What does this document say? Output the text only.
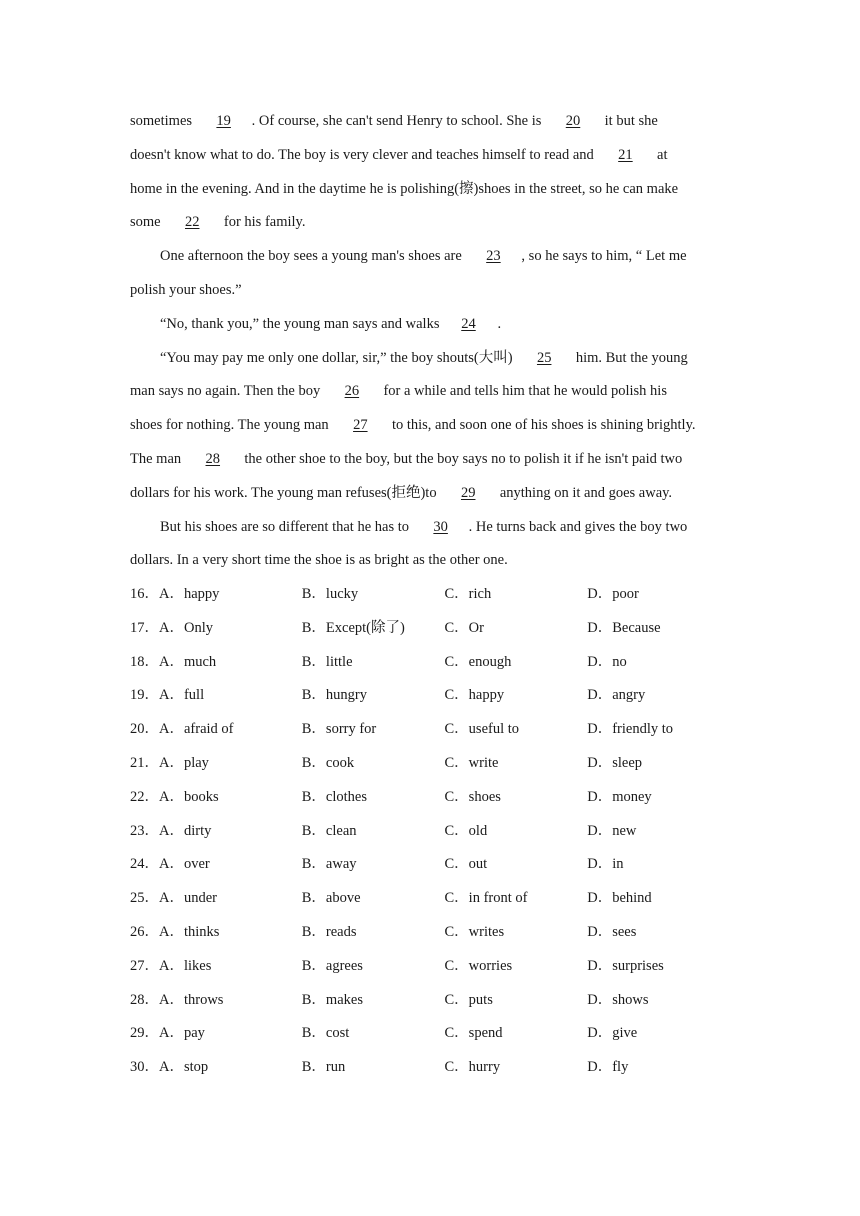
sometimes 19 . Of course, she can't send Henry to school. She is 20 it but she
doesn't know what to do. The boy is very clever and teaches himself to read and 21 at
home in the evening. And in the daytime he is polishing(擦)shoes in the street, so he can make
some 22 for his family.
One afternoon the boy sees a young man's shoes are 23 , so he says to him, “ Let me
polish your shoes.”
“No, thank you,” the young man says and walks 24 .
“You may pay me only one dollar, sir,” the boy shouts(大叫) 25 him. But the young
man says no again. Then the boy 26 for a while and tells him that he would polish his
shoes for nothing. The young man 27 to this, and soon one of his shoes is shining brightly.
The man 28 the other shoe to the boy, but the boy says no to polish it if he isn't paid two
dollars for his work. The young man refuses(拒绝)to 29 anything on it and goes away.
But his shoes are so different that he has to 30 . He turns back and gives the boy two
dollars. In a very short time the shoe is as bright as the other one.
16． A．happy	B．lucky	C．rich	D．poor
17． A．Only	B．Except(除了)	C．Or	D．Because
18． A．much	B．little	C．enough	D．no
19． A．full	B．hungry	C．happy	D．angry
20． A．afraid of	B．sorry for	C．useful to	D．friendly to
21． A．play	B．cook	C．write	D．sleep
22． A．books	B．clothes	C．shoes	D．money
23． A．dirty	B．clean	C．old	D．new
24． A．over	B．away	C．out	D．in
25． A．under	B．above	C．in front of	D．behind
26． A．thinks	B．reads	C．writes	D．sees
27． A．likes	B．agrees	C．worries	D．surprises
28． A．throws	B．makes	C．puts	D．shows
29． A．pay	B．cost	C．spend	D．give
30． A．stop	B．run	C．hurry	D．fly
